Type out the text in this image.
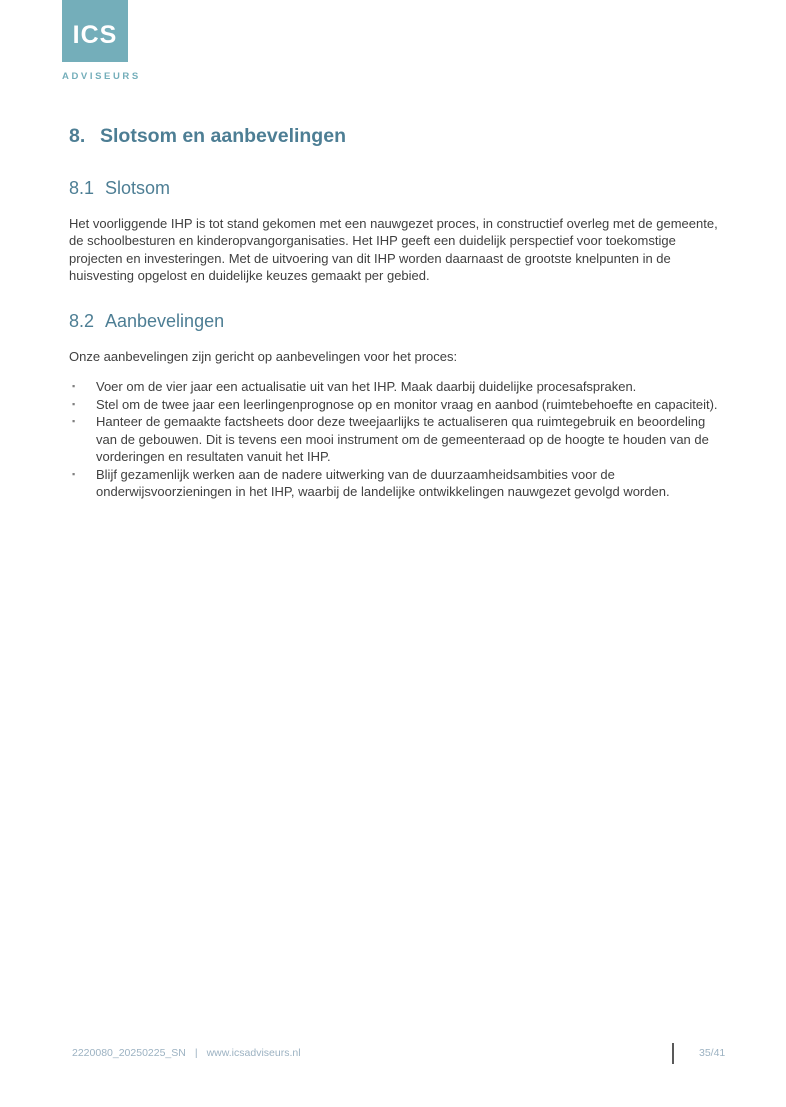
ICS
ADVISEURS
8. Slotsom en aanbevelingen
8.1 Slotsom

Het voorliggende IHP is tot stand gekomen met een nauwgezet proces, in constructief overleg met de gemeente, de schoolbesturen en kinderopvangorganisaties. Het IHP geeft een duidelijk perspectief voor toekomstige projecten en investeringen. Met de uitvoering van dit IHP worden daarnaast de grootste knelpunten in de huisvesting opgelost en duidelijke keuzes gemaakt per gebied.

8.2 Aanbevelingen

Onze aanbevelingen zijn gericht op aanbevelingen voor het proces:

▪ Voer om de vier jaar een actualisatie uit van het IHP. Maak daarbij duidelijke procesafspraken.
▪ Stel om de twee jaar een leerlingenprognose op en monitor vraag en aanbod (ruimtebehoefte en capaciteit).
▪ Hanteer de gemaakte factsheets door deze tweejaarlijks te actualiseren qua ruimtegebruik en beoordeling van de gebouwen. Dit is tevens een mooi instrument om de gemeenteraad op de hoogte te houden van de vorderingen en resultaten vanuit het IHP.
▪ Blijf gezamenlijk werken aan de nadere uitwerking van de duurzaamheidsambities voor de onderwijsvoorzieningen in het IHP, waarbij de landelijke ontwikkelingen nauwgezet gevolgd worden.
2220080_20250225_SN | www.icsadviseurs.nl	35/41
